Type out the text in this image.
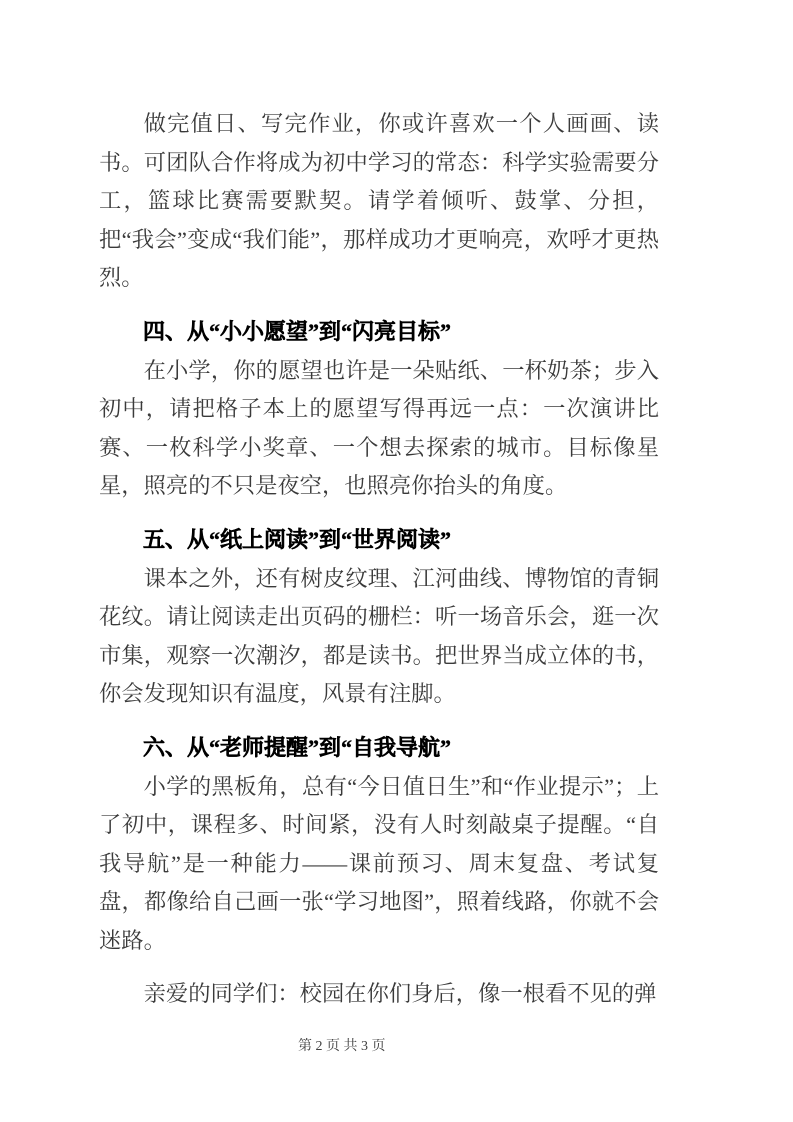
做完值日、写完作业，你或许喜欢一个人画画、读书。可团队合作将成为初中学习的常态：科学实验需要分工，篮球比赛需要默契。请学着倾听、鼓掌、分担，把“我会”变成“我们能”，那样成功才更响亮，欢呼才更热烈。

四、从“小小愿望”到“闪亮目标”

在小学，你的愿望也许是一朵贴纸、一杯奶茶；步入初中，请把格子本上的愿望写得再远一点：一次演讲比赛、一枚科学小奖章、一个想去探索的城市。目标像星星，照亮的不只是夜空，也照亮你抬头的角度。

五、从“纸上阅读”到“世界阅读”

课本之外，还有树皮纹理、江河曲线、博物馆的青铜花纹。请让阅读走出页码的栅栏：听一场音乐会，逛一次市集，观察一次潮汐，都是读书。把世界当成立体的书，你会发现知识有温度，风景有注脚。

六、从“老师提醒”到“自我导航”

小学的黑板角，总有“今日值日生”和“作业提示”；上了初中，课程多、时间紧，没有人时刻敲桌子提醒。“自我导航”是一种能力——课前预习、周末复盘、考试复盘，都像给自己画一张“学习地图”，照着线路，你就不会迷路。

亲爱的同学们：校园在你们身后，像一根看不见的弹

第 2 页 共 3 页
